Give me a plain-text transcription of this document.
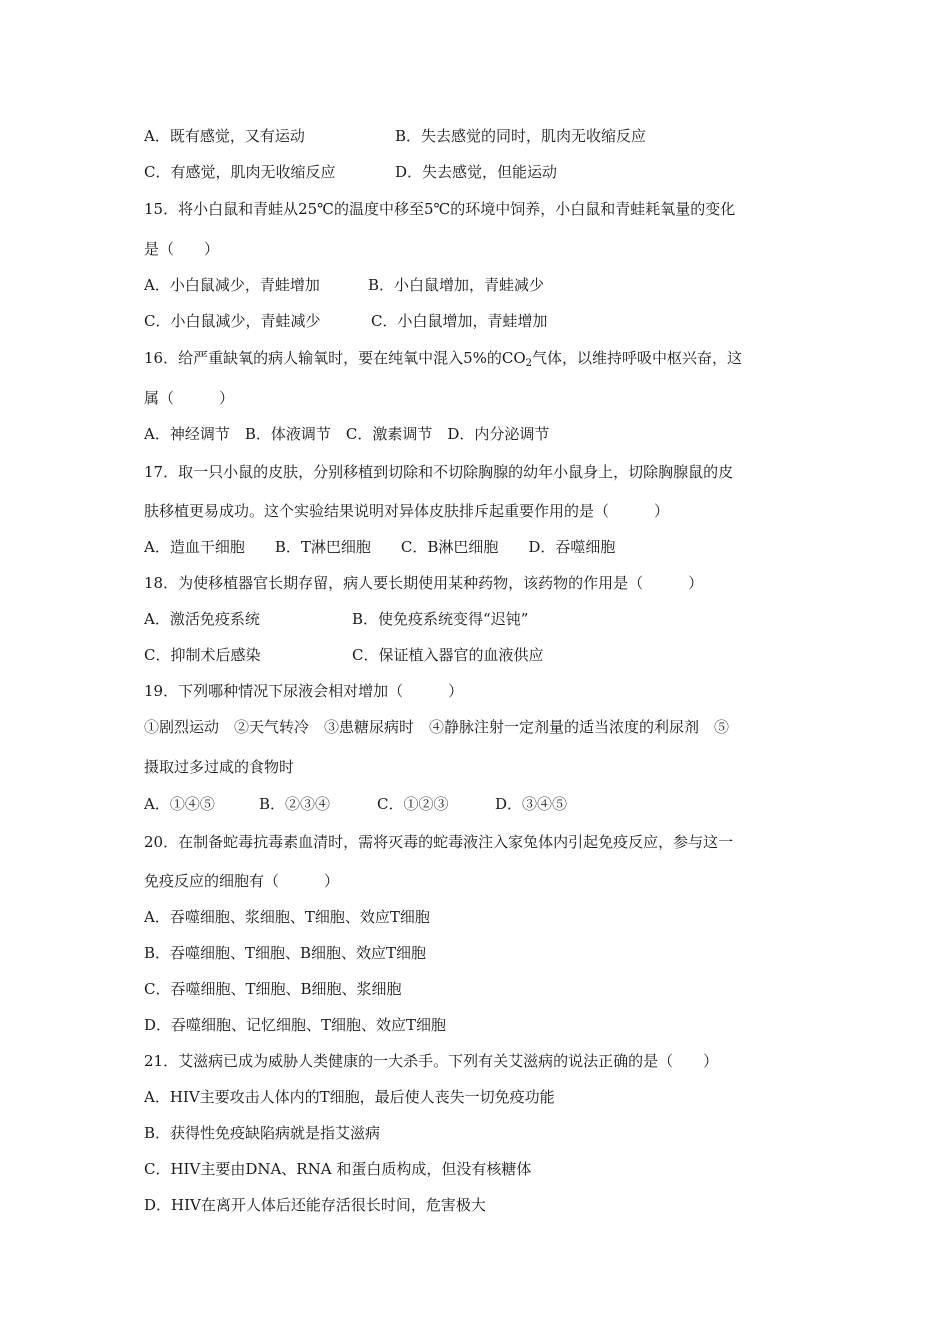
A．既有感觉，又有运动	B．失去感觉的同时，肌肉无收缩反应
C．有感觉，肌肉无收缩反应	D．失去感觉，但能运动
15．将小白鼠和青蛙从25℃的温度中移至5℃的环境中饲养，小白鼠和青蛙耗氧量的变化
是（　　）
A．小白鼠减少，青蛙增加	B．小白鼠增加，青蛙减少
C．小白鼠减少，青蛙减少	C．小白鼠增加，青蛙增加
16．给严重缺氧的病人输氧时，要在纯氧中混入5%的$CO_2$气体，以维持呼吸中枢兴奋，这
属（　　　）
A．神经调节　B．体液调节　C．激素调节　D．内分泌调节
17．取一只小鼠的皮肤，分别移植到切除和不切除胸腺的幼年小鼠身上，切除胸腺鼠的皮
肤移植更易成功。这个实验结果说明对异体皮肤排斥起重要作用的是（　　　）
A．造血干细胞　　B．T淋巴细胞　　C．B淋巴细胞　　D．吞噬细胞
18．为使移植器官长期存留，病人要长期使用某种药物，该药物的作用是（　　　）
A．激活免疫系统	B．使免疫系统变得“迟钝”
C．抑制术后感染	C．保证植入器官的血液供应
19．下列哪种情况下尿液会相对增加（　　　）
①剧烈运动　②天气转冷　③患糖尿病时　④静脉注射一定剂量的适当浓度的利尿剂　⑤
摄取过多过咸的食物时
A．①④⑤	B．②③④	C．①②③	D．③④⑤
20．在制备蛇毒抗毒素血清时，需将灭毒的蛇毒液注入家兔体内引起免疫反应，参与这一
免疫反应的细胞有（　　　）
A．吞噬细胞、浆细胞、T细胞、效应T细胞
B．吞噬细胞、T细胞、B细胞、效应T细胞
C．吞噬细胞、T细胞、B细胞、浆细胞
D．吞噬细胞、记忆细胞、T细胞、效应T细胞
21．艾滋病已成为威胁人类健康的一大杀手。下列有关艾滋病的说法正确的是（　　）
A．HIV主要攻击人体内的T细胞，最后使人丧失一切免疫功能
B．获得性免疫缺陷病就是指艾滋病
C．HIV主要由DNA、RNA 和蛋白质构成，但没有核糖体
D．HIV在离开人体后还能存活很长时间，危害极大
